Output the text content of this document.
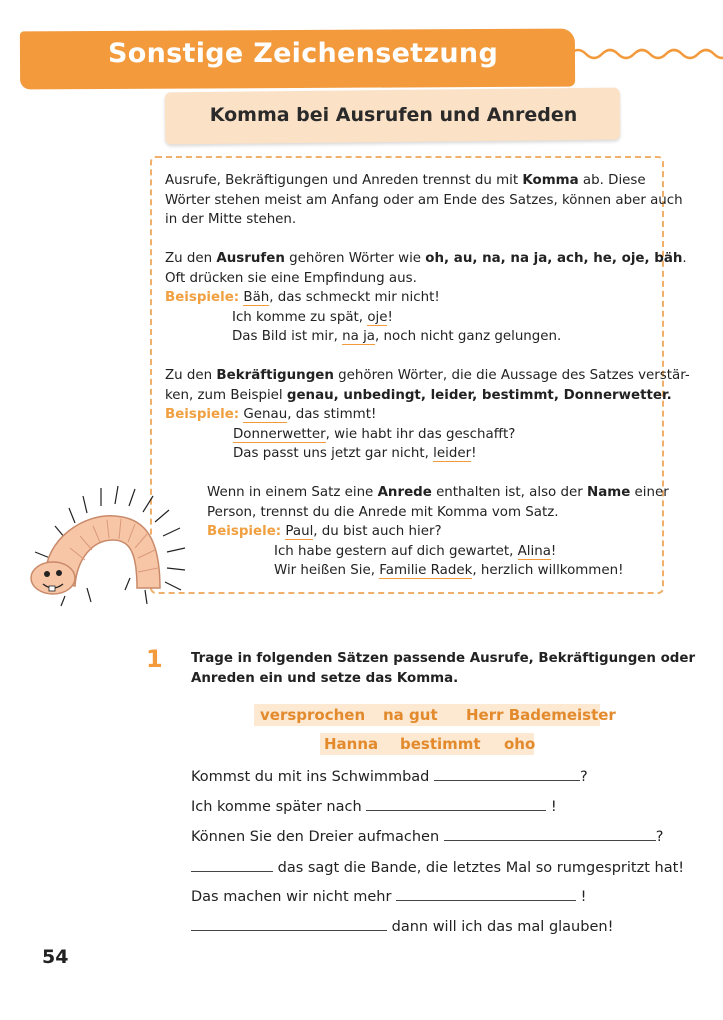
Sonstige Zeichensetzung
Komma bei Ausrufen und Anreden
Ausrufe, Bekräftigungen und Anreden trennst du mit Komma ab. Diese
Wörter stehen meist am Anfang oder am Ende des Satzes, können aber auch
in der Mitte stehen.
Zu den Ausrufen gehören Wörter wie oh, au, na, na ja, ach, he, oje, bäh.
Oft drücken sie eine Empfindung aus.
Beispiele: Bäh, das schmeckt mir nicht!
Ich komme zu spät, oje!
Das Bild ist mir, na ja, noch nicht ganz gelungen.
Zu den Bekräftigungen gehören Wörter, die die Aussage des Satzes verstär-
ken, zum Beispiel genau, unbedingt, leider, bestimmt, Donnerwetter.
Beispiele: Genau, das stimmt!
Donnerwetter, wie habt ihr das geschafft?
Das passt uns jetzt gar nicht, leider!
Wenn in einem Satz eine Anrede enthalten ist, also der Name einer
Person, trennst du die Anrede mit Komma vom Satz.
Beispiele: Paul, du bist auch hier?
Ich habe gestern auf dich gewartet, Alina!
Wir heißen Sie, Familie Radek, herzlich willkommen!
1 Trage in folgenden Sätzen passende Ausrufe, Bekräftigungen oder
Anreden ein und setze das Komma.
versprochen na gut Herr Bademeister
Hanna bestimmt oho
Kommst du mit ins Schwimmbad	?
Ich komme später nach	!
Können Sie den Dreier aufmachen	?
das sagt die Bande, die letztes Mal so rumgespritzt hat!
Das machen wir nicht mehr	!
dann will ich das mal glauben!
54
